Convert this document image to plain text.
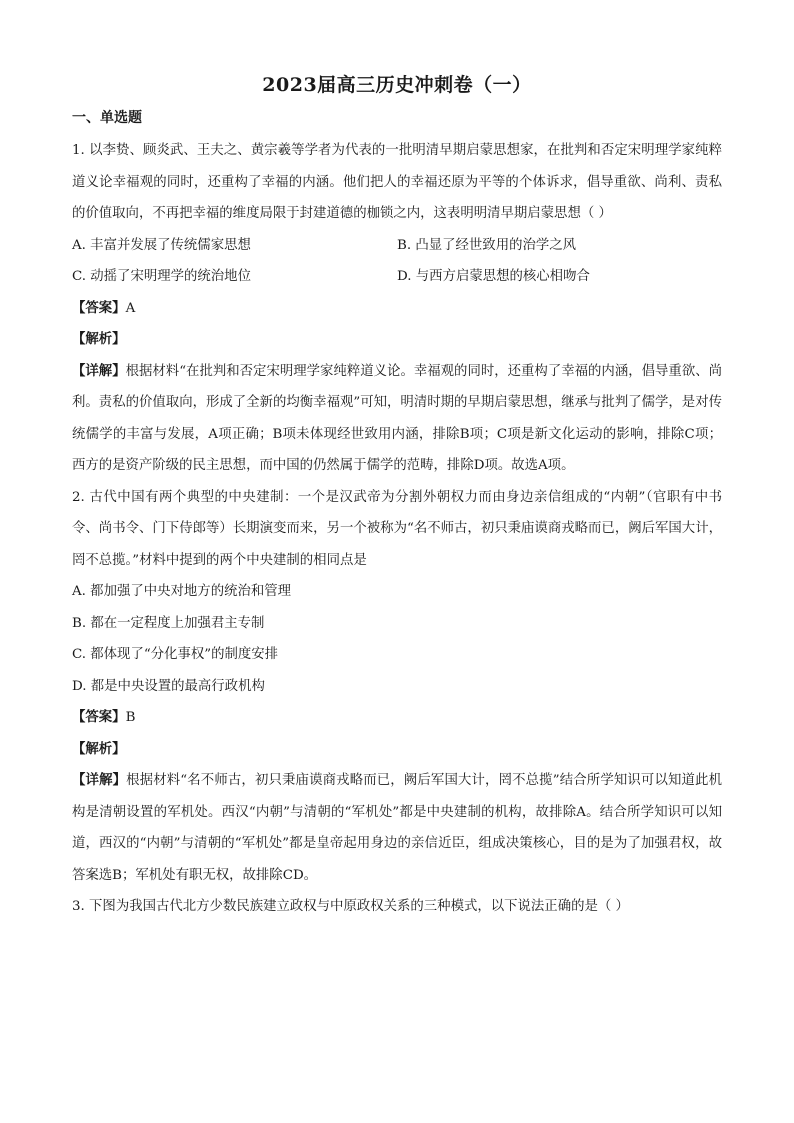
2023届高三历史冲刺卷（一）
一、单选题

1. 以李贽、顾炎武、王夫之、黄宗羲等学者为代表的一批明清早期启蒙思想家，在批判和否定宋明理学家纯粹道义论幸福观的同时，还重构了幸福的内涵。他们把人的幸福还原为平等的个体诉求，倡导重欲、尚利、责私的价值取向，不再把幸福的维度局限于封建道德的枷锁之内，这表明明清早期启蒙思想（ ）

A. 丰富并发展了传统儒家思想	B. 凸显了经世致用的治学之风
C. 动摇了宋明理学的统治地位	D. 与西方启蒙思想的核心相吻合
【答案】A
【解析】

【详解】根据材料“在批判和否定宋明理学家纯粹道义论。幸福观的同时，还重构了幸福的内涵，倡导重欲、尚利。责私的价值取向，形成了全新的均衡幸福观”可知，明清时期的早期启蒙思想，继承与批判了儒学，是对传统儒学的丰富与发展，A项正确；B项未体现经世致用内涵，排除B项；C项是新文化运动的影响，排除C项；西方的是资产阶级的民主思想，而中国的仍然属于儒学的范畴，排除D项。故选A项。

2. 古代中国有两个典型的中央建制：一个是汉武帝为分割外朝权力而由身边亲信组成的“内朝”（官职有中书令、尚书令、门下侍郎等）长期演变而来，另一个被称为“名不师古，初只秉庙谟商戎略而已，阙后军国大计，罔不总揽。”材料中提到的两个中央建制的相同点是

A. 都加强了中央对地方的统治和管理
B. 都在一定程度上加强君主专制
C. 都体现了“分化事权”的制度安排
D. 都是中央设置的最高行政机构
【答案】B
【解析】

【详解】根据材料“名不师古，初只秉庙谟商戎略而已，阙后军国大计，罔不总揽”结合所学知识可以知道此机构是清朝设置的军机处。西汉“内朝”与清朝的“军机处”都是中央建制的机构，故排除A。结合所学知识可以知道，西汉的“内朝”与清朝的“军机处”都是皇帝起用身边的亲信近臣，组成决策核心，目的是为了加强君权，故答案选B；军机处有职无权，故排除CD。

3. 下图为我国古代北方少数民族建立政权与中原政权关系的三种模式，以下说法正确的是（ ）
